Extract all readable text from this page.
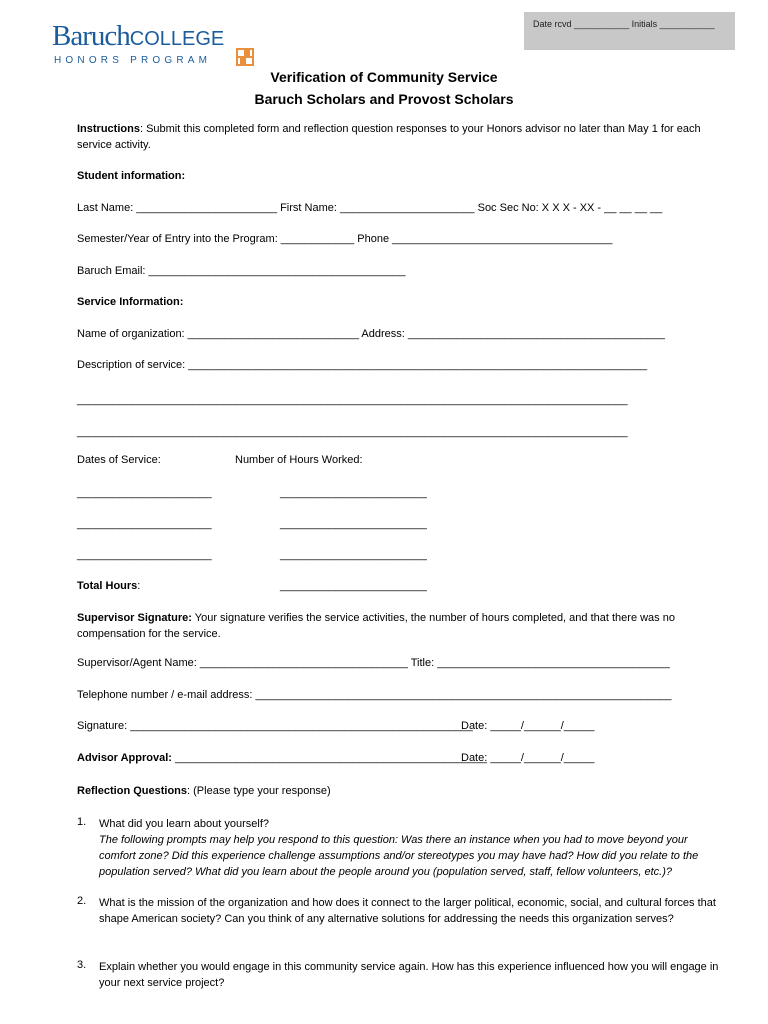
BaruchCOLLEGE
HONORS PROGRAM
Date rcvd ___________ Initials ___________
Verification of Community Service
Baruch Scholars and Provost Scholars
Instructions: Submit this completed form and reflection question responses to your Honors advisor no later than May 1 for each service activity.
Student information:
Last Name: _______________________ First Name: ______________________ Soc Sec No: X X X - XX - __ __ __ __
Semester/Year of Entry into the Program: ____________ Phone ____________________________________
Baruch Email: __________________________________________
Service Information:
Name of organization: ____________________________ Address: __________________________________________
Description of service: ___________________________________________________________________________
__________________________________________________________________________________________
__________________________________________________________________________________________
Dates of Service:	Number of Hours Worked:
______________________	________________________
______________________	________________________
______________________	________________________
Total Hours:	________________________
Supervisor Signature: Your signature verifies the service activities, the number of hours completed, and that there was no compensation for the service.
Supervisor/Agent Name: __________________________________ Title: ______________________________________
Telephone number / e-mail address: ____________________________________________________________________
Signature: ________________________________________________________
Date: _____/______/_____
Advisor Approval: ___________________________________________________
Date: _____/______/_____
Reflection Questions: (Please type your response)
1. What did you learn about yourself?
The following prompts may help you respond to this question: Was there an instance when you had to move beyond your comfort zone? Did this experience challenge assumptions and/or stereotypes you may have had? How did you relate to the population served? What did you learn about the people around you (population served, staff, fellow volunteers, etc.)?
2. What is the mission of the organization and how does it connect to the larger political, economic, social, and cultural forces that shape American society? Can you think of any alternative solutions for addressing the needs this organization serves?
3. Explain whether you would engage in this community service again. How has this experience influenced how you will engage in your next service project?
